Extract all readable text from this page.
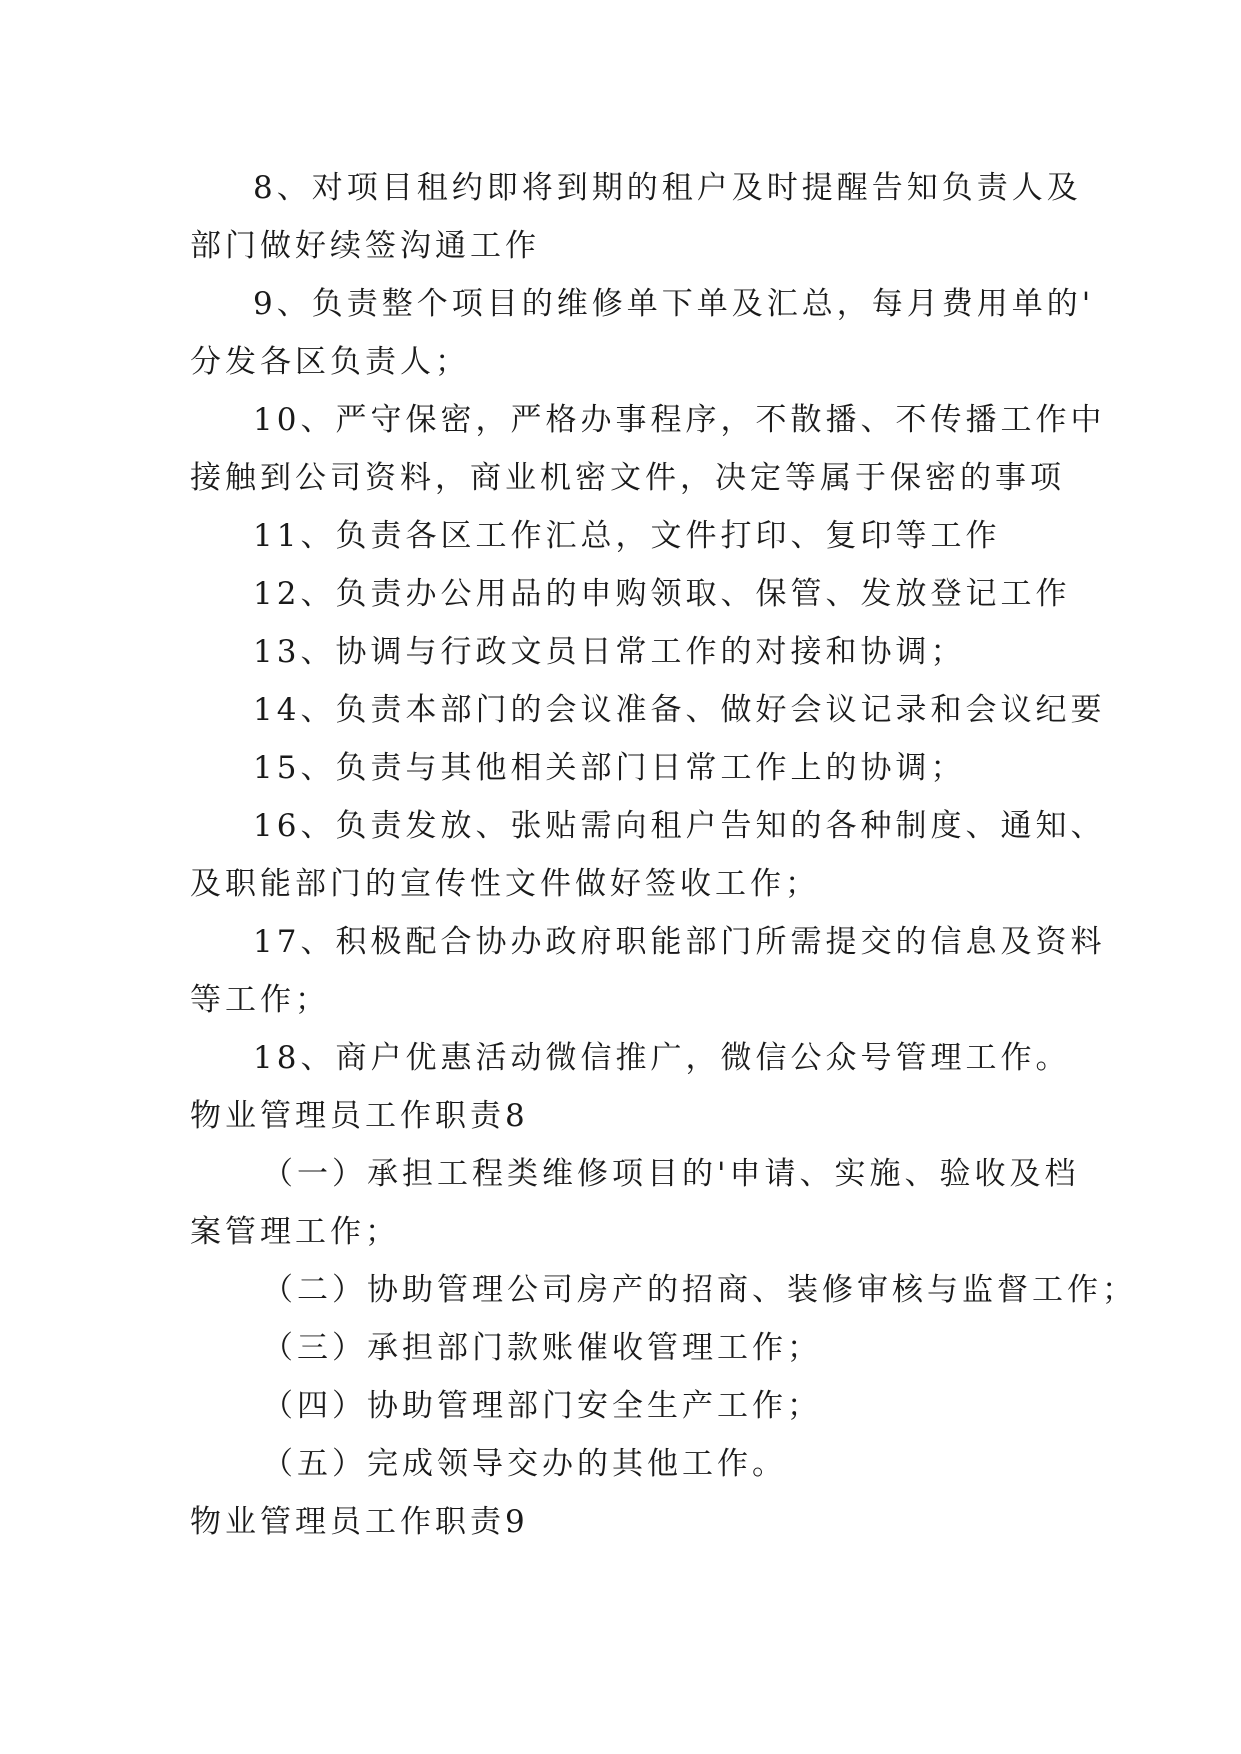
8、对项目租约即将到期的租户及时提醒告知负责人及
部门做好续签沟通工作
9、负责整个项目的维修单下单及汇总，每月费用单的'
分发各区负责人；
10、严守保密，严格办事程序，不散播、不传播工作中
接触到公司资料，商业机密文件，决定等属于保密的事项
11、负责各区工作汇总，文件打印、复印等工作
12、负责办公用品的申购领取、保管、发放登记工作
13、协调与行政文员日常工作的对接和协调；
14、负责本部门的会议准备、做好会议记录和会议纪要
15、负责与其他相关部门日常工作上的协调；
16、负责发放、张贴需向租户告知的各种制度、通知、
及职能部门的宣传性文件做好签收工作；
17、积极配合协办政府职能部门所需提交的信息及资料
等工作；
18、商户优惠活动微信推广，微信公众号管理工作。
物业管理员工作职责8
（一）承担工程类维修项目的'申请、实施、验收及档
案管理工作；
（二）协助管理公司房产的招商、装修审核与监督工作；
（三）承担部门款账催收管理工作；
（四）协助管理部门安全生产工作；
（五）完成领导交办的其他工作。
物业管理员工作职责9
